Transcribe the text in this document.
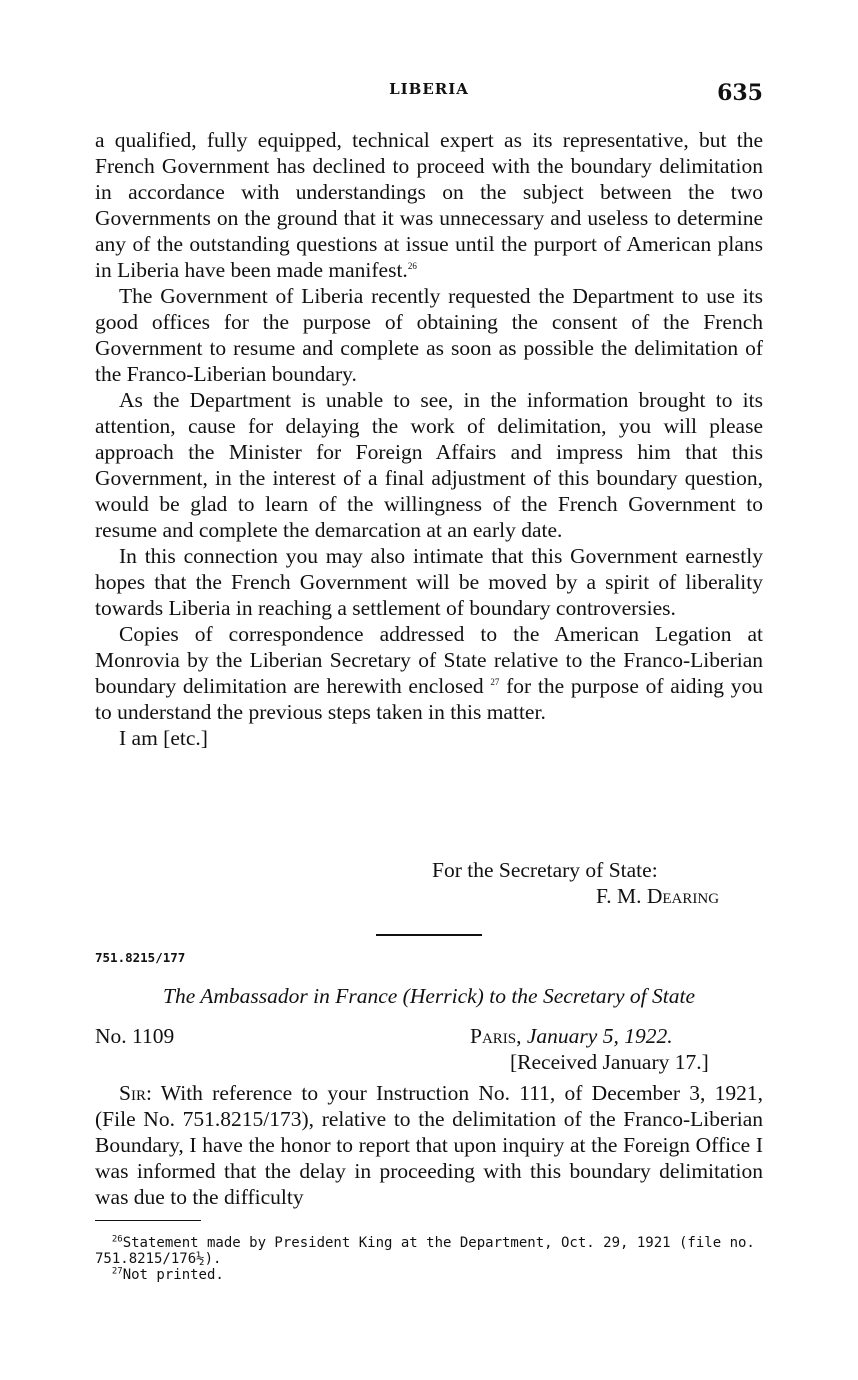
LIBERIA	635

a qualified, fully equipped, technical expert as its representative, but the French Government has declined to proceed with the boundary delimitation in accordance with understandings on the subject between the two Governments on the ground that it was unnecessary and useless to determine any of the outstanding questions at issue until the purport of American plans in Liberia have been made manifest.$^{26}$

The Government of Liberia recently requested the Department to use its good offices for the purpose of obtaining the consent of the French Government to resume and complete as soon as possible the delimitation of the Franco-Liberian boundary.

As the Department is unable to see, in the information brought to its attention, cause for delaying the work of delimitation, you will please approach the Minister for Foreign Affairs and impress him that this Government, in the interest of a final adjustment of this boundary question, would be glad to learn of the willingness of the French Government to resume and complete the demarcation at an early date.

In this connection you may also intimate that this Government earnestly hopes that the French Government will be moved by a spirit of liberality towards Liberia in reaching a settlement of boundary controversies.

Copies of correspondence addressed to the American Legation at Monrovia by the Liberian Secretary of State relative to the Franco-Liberian boundary delimitation are herewith enclosed $^{27}$ for the purpose of aiding you to understand the previous steps taken in this matter.

I am [etc.]

For the Secretary of State:
F. M. Dearing
751.8215/177
The Ambassador in France (Herrick) to the Secretary of State
No. 1109	Paris, January 5, 1922.
[Received January 17.]

Sir: With reference to your Instruction No. 111, of December 3, 1921, (File No. 751.8215/173), relative to the delimitation of the Franco-Liberian Boundary, I have the honor to report that upon inquiry at the Foreign Office I was informed that the delay in proceeding with this boundary delimitation was due to the difficulty

$^{26}$Statement made by President King at the Department, Oct. 29, 1921 (file no. 751.8215/176½).
$^{27}$Not printed.
